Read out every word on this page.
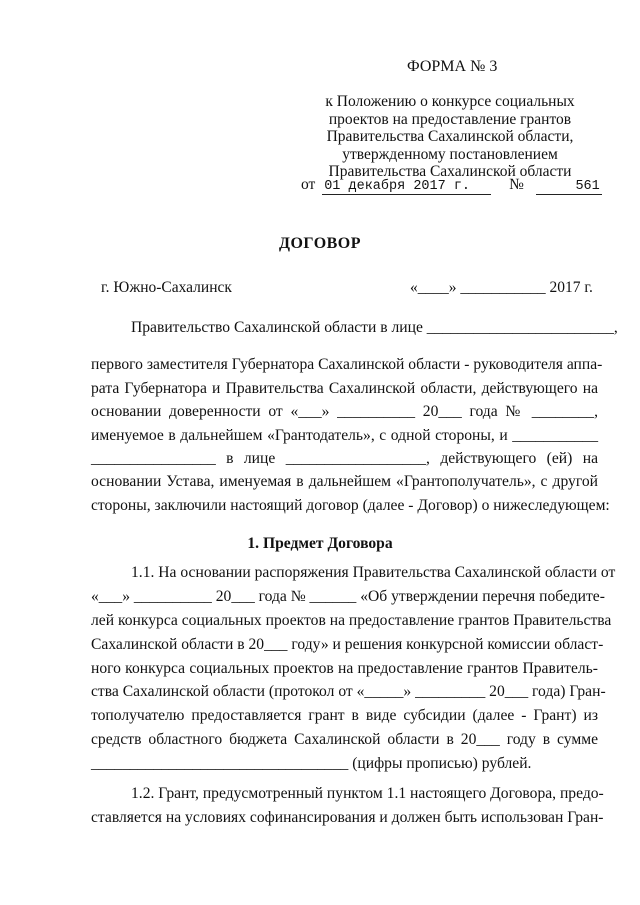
ФОРМА № 3
к Положению о конкурсе социальных
проектов на предоставление грантов
Правительства Сахалинской области,
утвержденному постановлением
Правительства Сахалинской области
от 01 декабря 2017 г.	№	561
ДОГОВОР
г. Южно-Сахалинск	«____» ___________ 2017 г.
Правительство Сахалинской области в лице ________________________,
первого заместителя Губернатора Сахалинской области - руководителя аппа-
рата Губернатора и Правительства Сахалинской области, действующего на
основании доверенности от «___» __________ 20___ года № ________,
именуемое в дальнейшем «Грантодатель», с одной стороны, и ___________
________________ в лице __________________, действующего (ей) на
основании Устава, именуемая в дальнейшем «Грантополучатель», с другой
стороны, заключили настоящий договор (далее - Договор) о нижеследующем:
1. Предмет Договора
1.1. На основании распоряжения Правительства Сахалинской области от
«___» __________ 20___ года № ______ «Об утверждении перечня победите-
лей конкурса социальных проектов на предоставление грантов Правительства
Сахалинской области в 20___ году» и решения конкурсной комиссии област-
ного конкурса социальных проектов на предоставление грантов Правитель-
ства Сахалинской области (протокол от «_____» _________ 20___ года) Гран-
тополучателю предоставляется грант в виде субсидии (далее - Грант) из
средств областного бюджета Сахалинской области в 20___ году в сумме
_________________________________ (цифры прописью) рублей.
1.2. Грант, предусмотренный пунктом 1.1 настоящего Договора, предо-
ставляется на условиях софинансирования и должен быть использован Гран-
